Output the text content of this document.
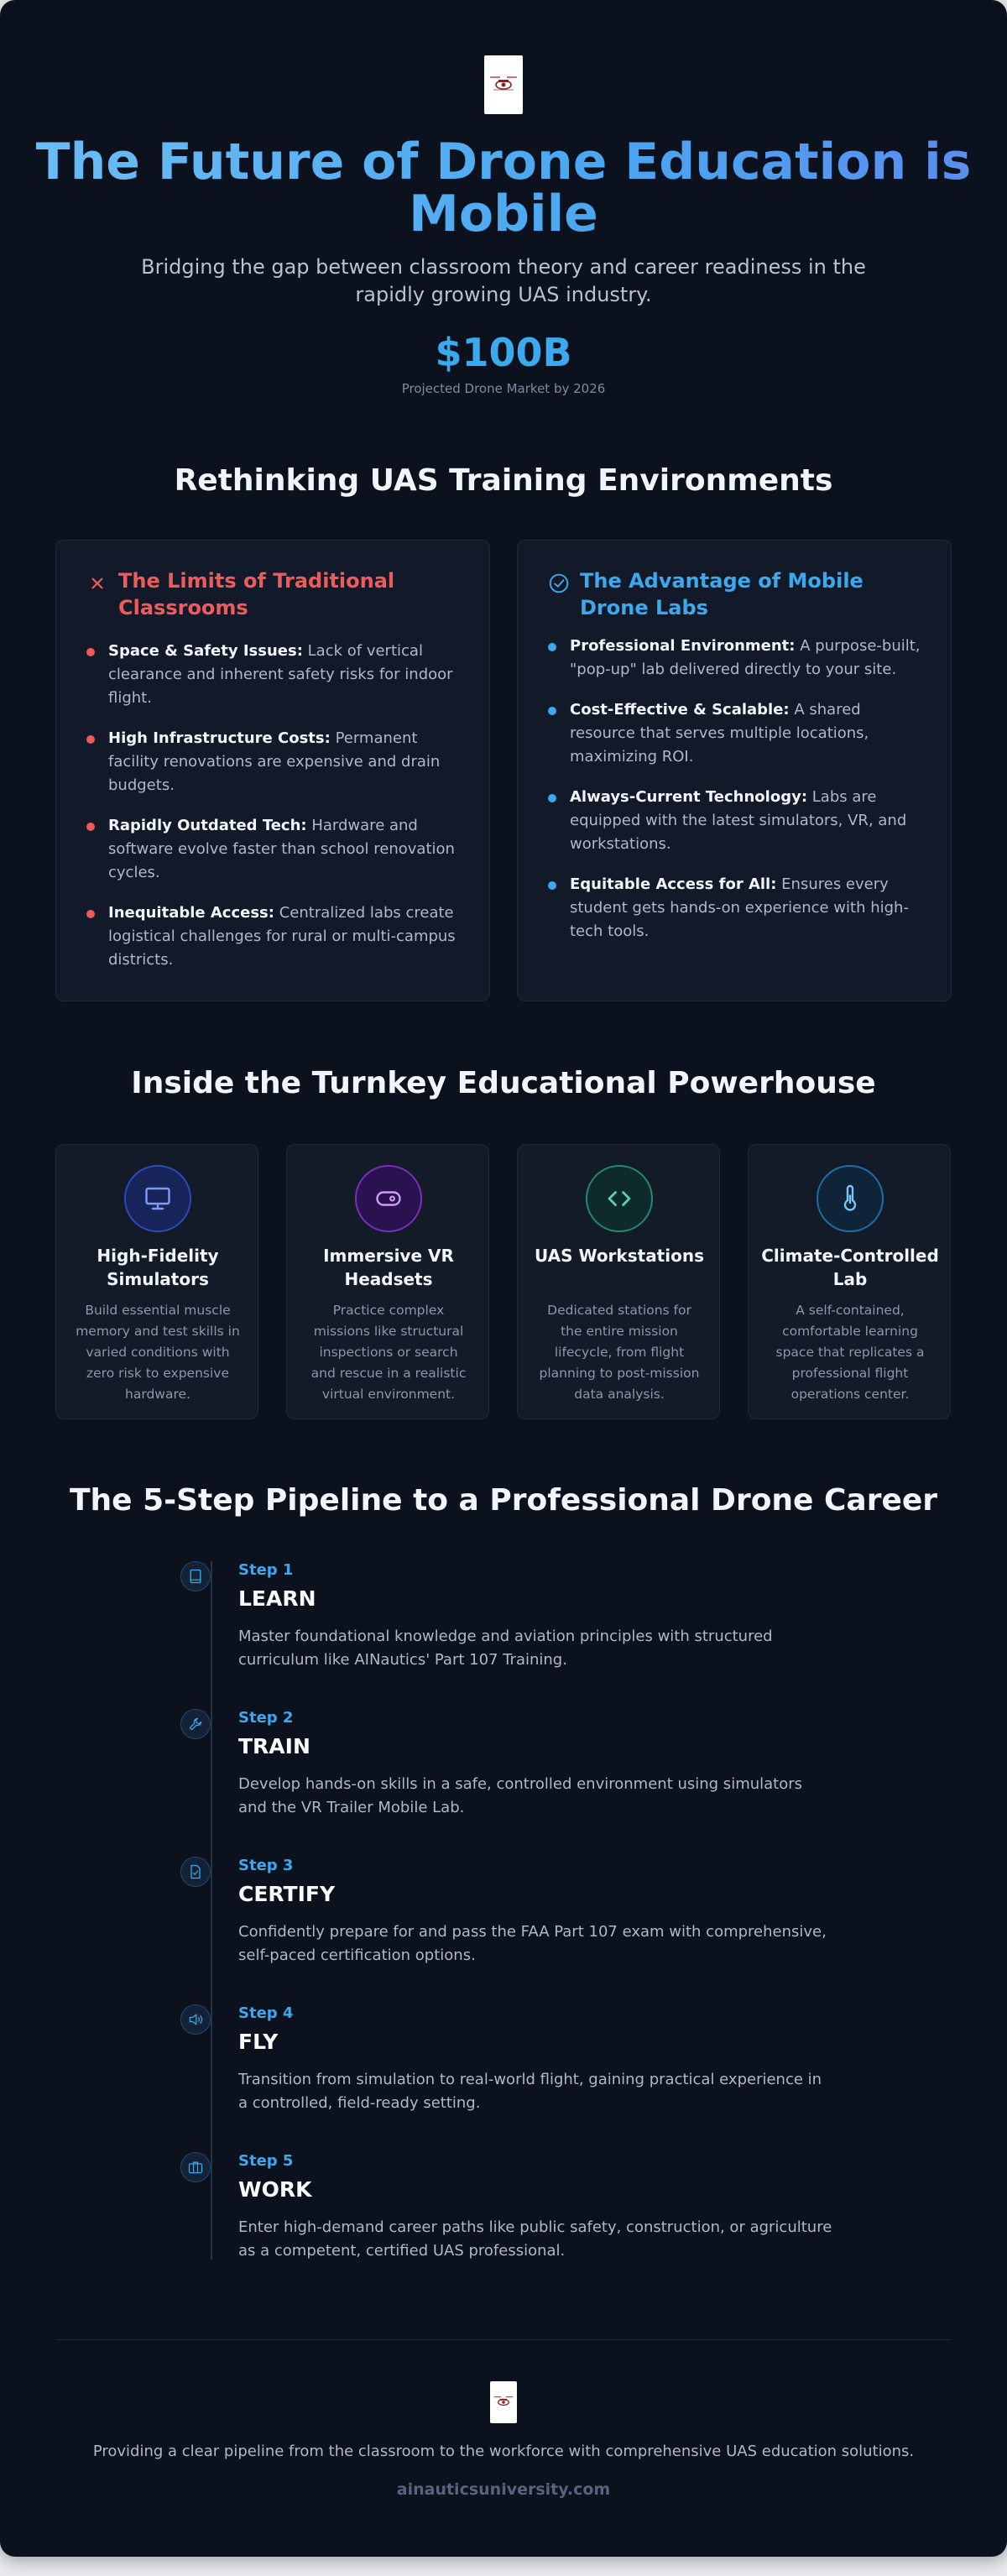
The Future of Drone Education is Mobile

Bridging the gap between classroom theory and career readiness in the rapidly growing UAS industry.

$100B
Projected Drone Market by 2026
Rethinking UAS Training Environments
The Limits of Traditional Classrooms
Space & Safety Issues: Lack of vertical clearance and inherent safety risks for indoor flight.
High Infrastructure Costs: Permanent facility renovations are expensive and drain budgets.
Rapidly Outdated Tech: Hardware and software evolve faster than school renovation cycles.
Inequitable Access: Centralized labs create logistical challenges for rural or multi-campus districts.
The Advantage of Mobile Drone Labs
Professional Environment: A purpose-built, "pop-up" lab delivered directly to your site.
Cost-Effective & Scalable: A shared resource that serves multiple locations, maximizing ROI.
Always-Current Technology: Labs are equipped with the latest simulators, VR, and workstations.
Equitable Access for All: Ensures every student gets hands-on experience with high-tech tools.
Inside the Turnkey Educational Powerhouse
High-Fidelity Simulators
Build essential muscle memory and test skills in varied conditions with zero risk to expensive hardware.
Immersive VR Headsets
Practice complex missions like structural inspections or search and rescue in a realistic virtual environment.
UAS Workstations
Dedicated stations for the entire mission lifecycle, from flight planning to post-mission data analysis.
Climate-Controlled Lab
A self-contained, comfortable learning space that replicates a professional flight operations center.
The 5-Step Pipeline to a Professional Drone Career
Step 1
LEARN
Master foundational knowledge and aviation principles with structured curriculum like AINautics' Part 107 Training.
Step 2
TRAIN
Develop hands-on skills in a safe, controlled environment using simulators and the VR Trailer Mobile Lab.
Step 3
CERTIFY
Confidently prepare for and pass the FAA Part 107 exam with comprehensive, self-paced certification options.
Step 4
FLY
Transition from simulation to real-world flight, gaining practical experience in a controlled, field-ready setting.
Step 5
WORK
Enter high-demand career paths like public safety, construction, or agriculture as a competent, certified UAS professional.

Providing a clear pipeline from the classroom to the workforce with comprehensive UAS education solutions.

ainauticsuniversity.com
